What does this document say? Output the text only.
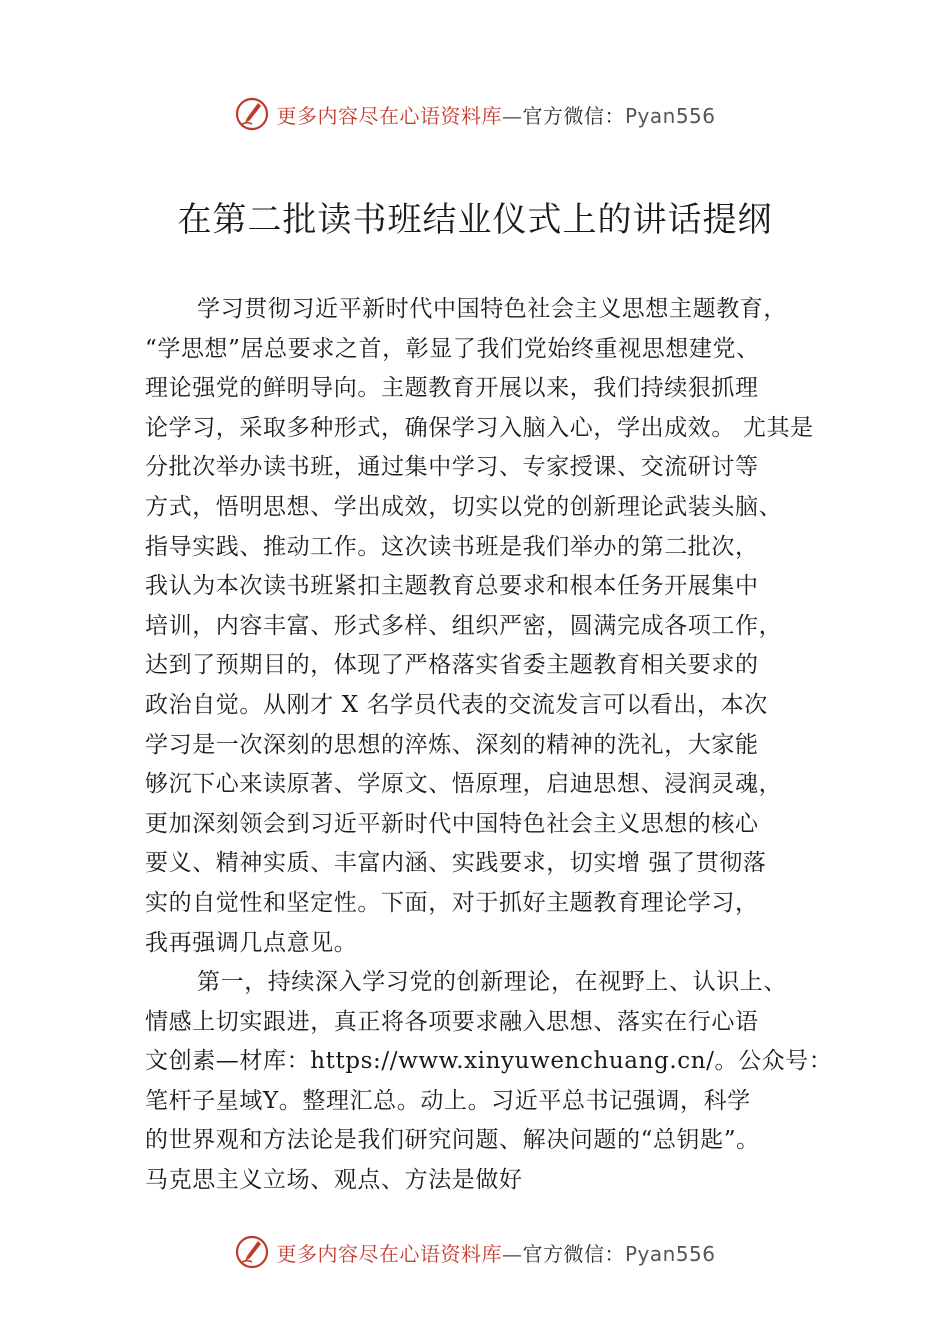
更多内容尽在心语资料库—官方微信：Pyan556
在第二批读书班结业仪式上的讲话提纲
学习贯彻习近平新时代中国特色社会主义思想主题教育，
“学思想”居总要求之首，彰显了我们党始终重视思想建党、
理论强党的鲜明导向。主题教育开展以来，我们持续狠抓理
论学习，采取多种形式，确保学习入脑入心，学出成效。 尤其是
分批次举办读书班，通过集中学习、专家授课、交流研讨等
方式，悟明思想、学出成效，切实以党的创新理论武装头脑、
指导实践、推动工作。这次读书班是我们举办的第二批次，
我认为本次读书班紧扣主题教育总要求和根本任务开展集中
培训，内容丰富、形式多样、组织严密，圆满完成各项工作，
达到了预期目的，体现了严格落实省委主题教育相关要求的
政治自觉。从刚才 X 名学员代表的交流发言可以看出，本次
学习是一次深刻的思想的淬炼、深刻的精神的洗礼，大家能
够沉下心来读原著、学原文、悟原理，启迪思想、浸润灵魂，
更加深刻领会到习近平新时代中国特色社会主义思想的核心
要义、精神实质、丰富内涵、实践要求，切实增 强了贯彻落
实的自觉性和坚定性。下面，对于抓好主题教育理论学习，
我再强调几点意见。
第一，持续深入学习党的创新理论，在视野上、认识上、
情感上切实跟进，真正将各项要求融入思想、落实在行心语
文创素—材库：https://www.xinyuwenchuang.cn/。公众号：
笔杆子星域Y。整理汇总。动上。习近平总书记强调，科学
的世界观和方法论是我们研究问题、解决问题的“总钥匙”。
马克思主义立场、观点、方法是做好
更多内容尽在心语资料库—官方微信：Pyan556
